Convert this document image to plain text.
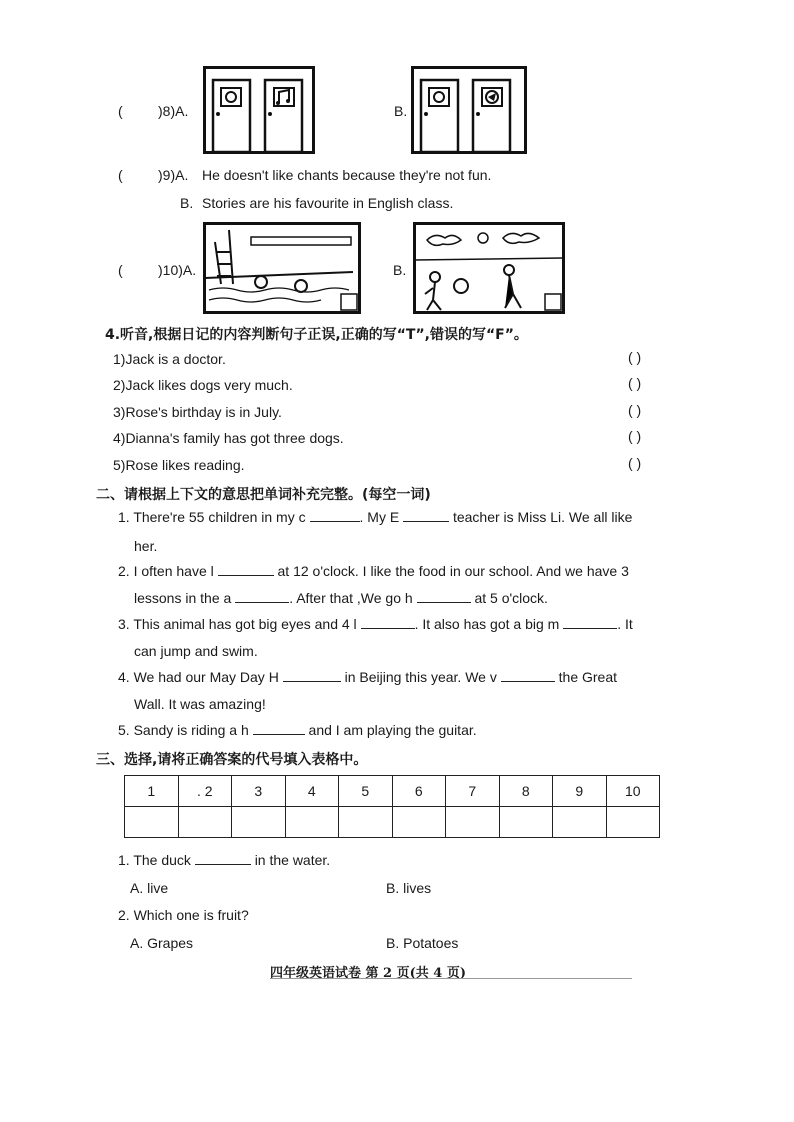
(	)8)A.	B.
(	)9)A. He doesn't like chants because they're not fun.
B. Stories are his favourite in English class.
(	)10)A.	B.
4.听音,根据日记的内容判断句子正误,正确的写“T”,错误的写“F”。
1)Jack is a doctor.	( )
2)Jack likes dogs very much.	( )
3)Rose's birthday is in July.	( )
4)Dianna's family has got three dogs.	( )
5)Rose likes reading.	( )
二、请根据上下文的意思把单词补充完整。(每空一词)
1. There're 55 children in my c	. My E	teacher is Miss Li. We all like
her.
2. I often have l	at 12 o'clock. I like the food in our school. And we have 3
lessons in the a	. After that ,We go h	at 5 o'clock.
3. This animal has got big eyes and 4 l	. It also has got a big m	. It
can jump and swim.
4. We had our May Day H	in Beijing this year. We v	the Great
Wall. It was amazing!
5. Sandy is riding a h	and I am playing the guitar.
三、选择,请将正确答案的代号填入表格中。
1	. 2	3	4	5	6	7	8	9	10

1. The duck	in the water.
A. live	B. lives
2. Which one is fruit?
A. Grapes	B. Potatoes
四年级英语试卷 第 2 页(共 4 页)
